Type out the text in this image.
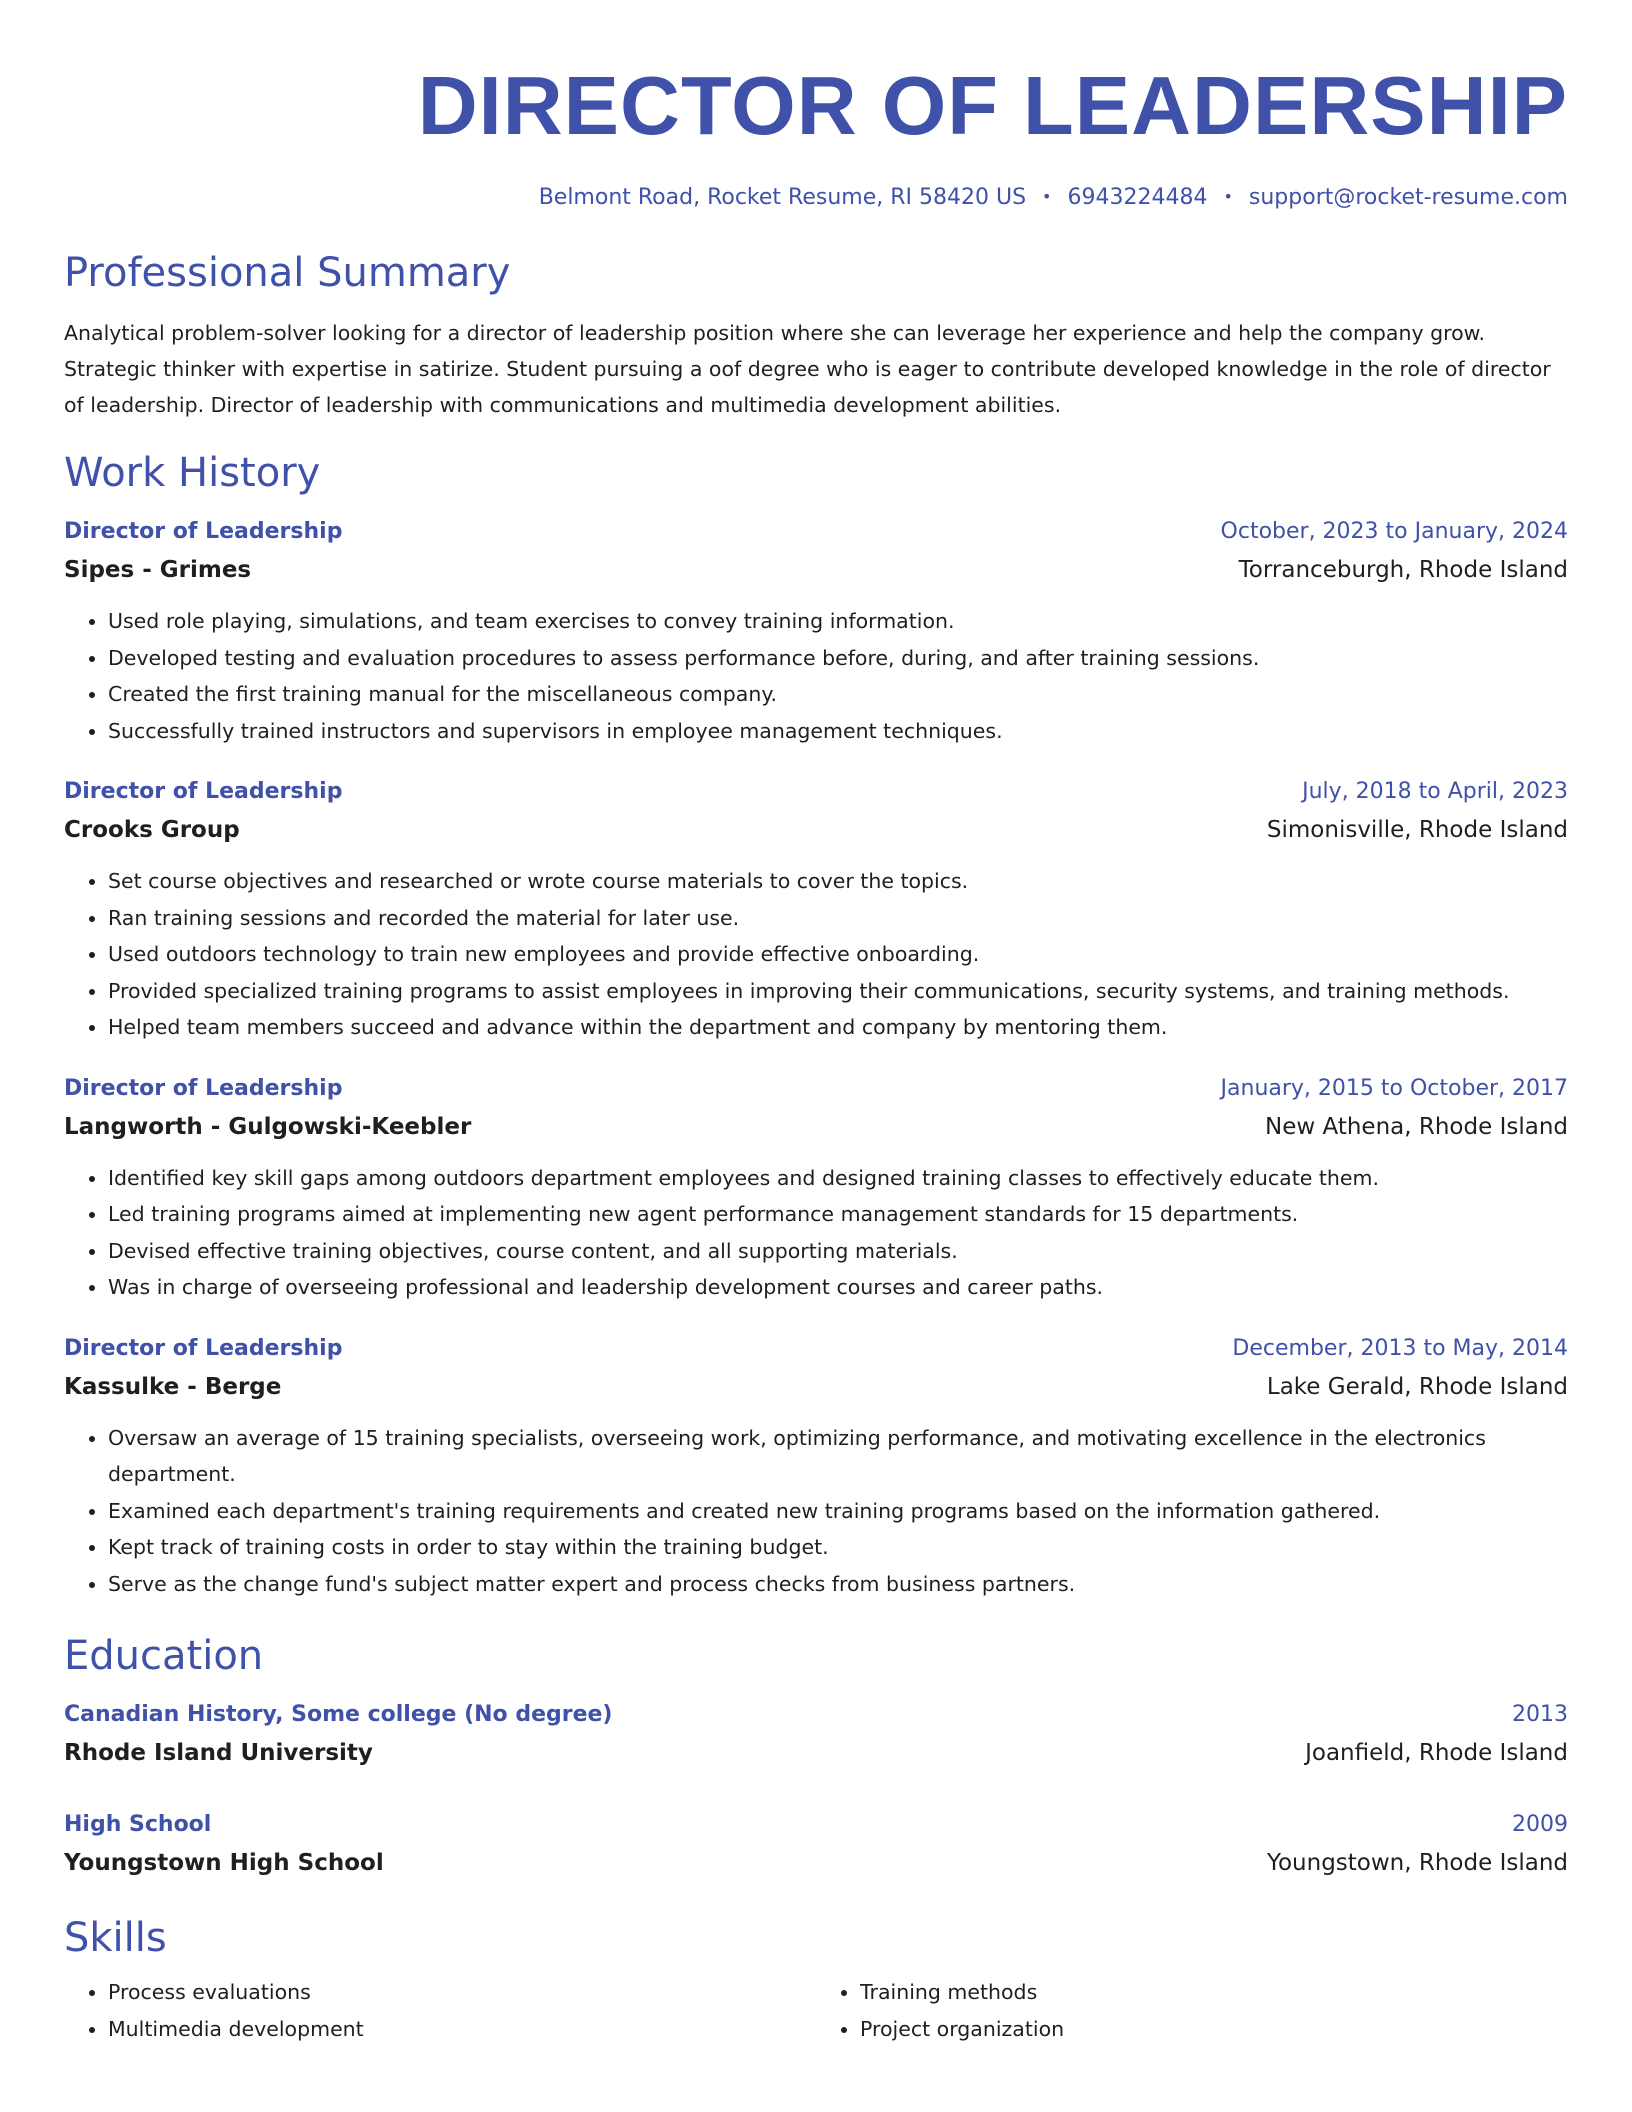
DIRECTOR OF LEADERSHIP
Belmont Road, Rocket Resume, RI 58420 US • 6943224484 • support@rocket-resume.com
Professional Summary

Analytical problem-solver looking for a director of leadership position where she can leverage her experience and help the company grow. Strategic thinker with expertise in satirize. Student pursuing a oof degree who is eager to contribute developed knowledge in the role of director of leadership. Director of leadership with communications and multimedia development abilities.

Work History
Director of Leadership	October, 2023 to January, 2024
Sipes - Grimes	Torranceburgh, Rhode Island
• Used role playing, simulations, and team exercises to convey training information.
• Developed testing and evaluation procedures to assess performance before, during, and after training sessions.
• Created the first training manual for the miscellaneous company.
• Successfully trained instructors and supervisors in employee management techniques.
Director of Leadership	July, 2018 to April, 2023
Crooks Group	Simonisville, Rhode Island
• Set course objectives and researched or wrote course materials to cover the topics.
• Ran training sessions and recorded the material for later use.
• Used outdoors technology to train new employees and provide effective onboarding.
• Provided specialized training programs to assist employees in improving their communications, security systems, and training methods.
• Helped team members succeed and advance within the department and company by mentoring them.
Director of Leadership	January, 2015 to October, 2017
Langworth - Gulgowski-Keebler	New Athena, Rhode Island
• Identified key skill gaps among outdoors department employees and designed training classes to effectively educate them.
• Led training programs aimed at implementing new agent performance management standards for 15 departments.
• Devised effective training objectives, course content, and all supporting materials.
• Was in charge of overseeing professional and leadership development courses and career paths.
Director of Leadership	December, 2013 to May, 2014
Kassulke - Berge	Lake Gerald, Rhode Island
• Oversaw an average of 15 training specialists, overseeing work, optimizing performance, and motivating excellence in the electronics department.
• Examined each department's training requirements and created new training programs based on the information gathered.
• Kept track of training costs in order to stay within the training budget.
• Serve as the change fund's subject matter expert and process checks from business partners.
Education
Canadian History, Some college (No degree)	2013
Rhode Island University	Joanfield, Rhode Island
High School	2009
Youngstown High School	Youngstown, Rhode Island
Skills
• Process evaluations
• Multimedia development
• Training methods
• Project organization
